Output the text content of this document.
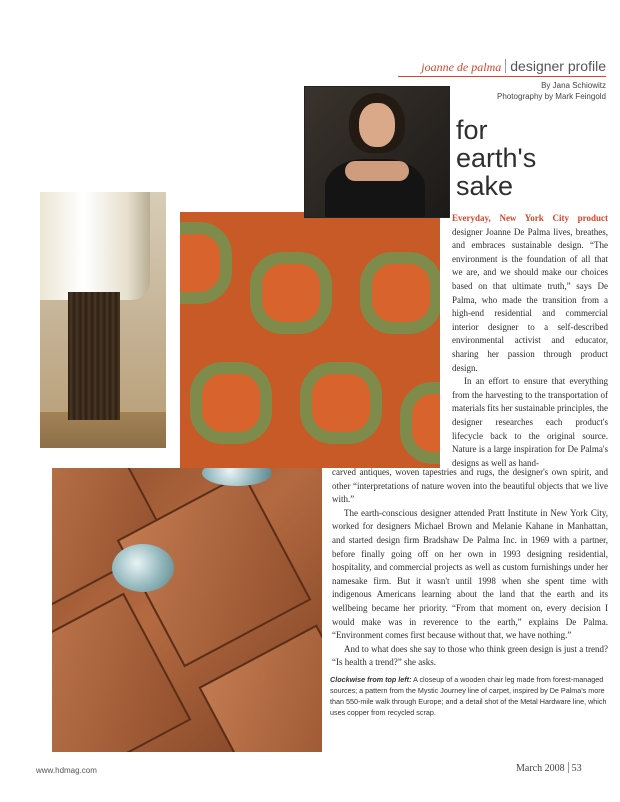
joanne de palma designer profile
By Jana Schiowitz
Photography by Mark Feingold
for
earth's
sake

Everyday, New York City product designer Joanne De Palma lives, breathes, and embraces sustainable design. “The environment is the foundation of all that we are, and we should make our choices based on that ultimate truth,” says De Palma, who made the transition from a high-end residential and commercial interior designer to a self-described environmental activist and educator, sharing her passion through product design.

In an effort to ensure that everything from the harvesting to the transportation of materials fits her sustainable principles, the designer researches each product's lifecycle back to the original source. Nature is a large inspiration for De Palma's designs as well as hand-

carved antiques, woven tapestries and rugs, the designer's own spirit, and other “interpretations of nature woven into the beautiful objects that we live with.”

The earth-conscious designer attended Pratt Institute in New York City, worked for designers Michael Brown and Melanie Kahane in Manhattan, and started design firm Bradshaw De Palma Inc. in 1969 with a partner, before finally going off on her own in 1993 designing residential, hospitality, and commercial projects as well as custom furnishings under her namesake firm. But it wasn't until 1998 when she spent time with indigenous Americans learning about the land that the earth and its wellbeing became her priority. “From that moment on, every decision I would make was in reverence to the earth,” explains De Palma. “Environment comes first because without that, we have nothing.”

And to what does she say to those who think green design is just a trend? “Is health a trend?” she asks.

Clockwise from top left: A closeup of a wooden chair leg made from forest-managed sources; a pattern from the Mystic Journey line of carpet, inspired by De Palma's more than 550-mile walk through Europe; and a detail shot of the Metal Hardware line, which uses copper from recycled scrap.
www.hdmag.com	March 2008 53
